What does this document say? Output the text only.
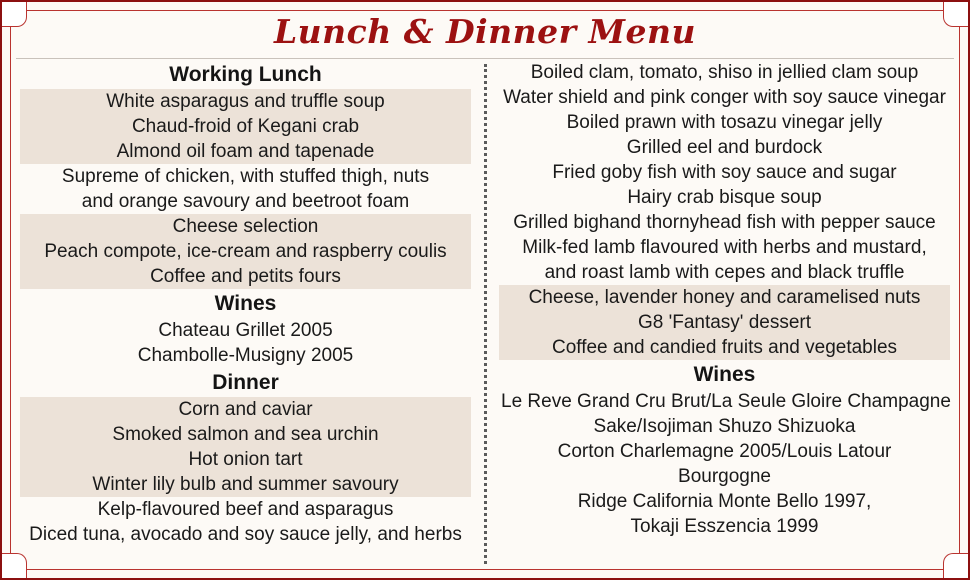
Lunch & Dinner Menu
Working Lunch
White asparagus and truffle soup
Chaud-froid of Kegani crab
Almond oil foam and tapenade
Supreme of chicken, with stuffed thigh, nuts
and orange savoury and beetroot foam
Cheese selection
Peach compote, ice-cream and raspberry coulis
Coffee and petits fours
Wines
Chateau Grillet 2005
Chambolle-Musigny 2005
Dinner
Corn and caviar
Smoked salmon and sea urchin
Hot onion tart
Winter lily bulb and summer savoury
Kelp-flavoured beef and asparagus
Diced tuna, avocado and soy sauce jelly, and herbs
Boiled clam, tomato, shiso in jellied clam soup
Water shield and pink conger with soy sauce vinegar
Boiled prawn with tosazu vinegar jelly
Grilled eel and burdock
Fried goby fish with soy sauce and sugar
Hairy crab bisque soup
Grilled bighand thornyhead fish with pepper sauce
Milk-fed lamb flavoured with herbs and mustard,
and roast lamb with cepes and black truffle
Cheese, lavender honey and caramelised nuts
G8 'Fantasy' dessert
Coffee and candied fruits and vegetables
Wines
Le Reve Grand Cru Brut/La Seule Gloire Champagne
Sake/Isojiman Shuzo Shizuoka
Corton Charlemagne 2005/Louis Latour
Bourgogne
Ridge California Monte Bello 1997,
Tokaji Esszencia 1999
